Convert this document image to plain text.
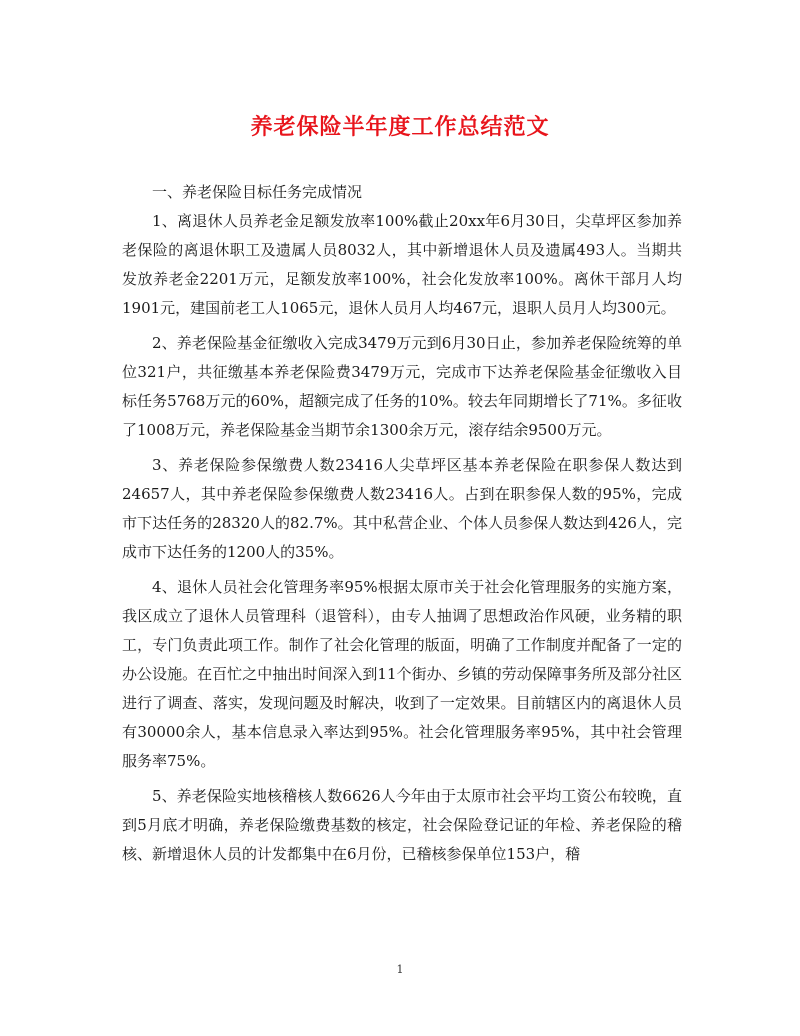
养老保险半年度工作总结范文

一、养老保险目标任务完成情况

1、离退休人员养老金足额发放率100%截止20xx年6月30日，尖草坪区参加养老保险的离退休职工及遗属人员8032人，其中新增退休人员及遗属493人。当期共发放养老金2201万元，足额发放率100%，社会化发放率100%。离休干部月人均1901元，建国前老工人1065元，退休人员月人均467元，退职人员月人均300元。

2、养老保险基金征缴收入完成3479万元到6月30日止，参加养老保险统筹的单位321户，共征缴基本养老保险费3479万元，完成市下达养老保险基金征缴收入目标任务5768万元的60%，超额完成了任务的10%。较去年同期增长了71%。多征收了1008万元，养老保险基金当期节余1300余万元，滚存结余9500万元。

3、养老保险参保缴费人数23416人尖草坪区基本养老保险在职参保人数达到24657人，其中养老保险参保缴费人数23416人。占到在职参保人数的95%，完成市下达任务的28320人的82.7%。其中私营企业、个体人员参保人数达到426人，完成市下达任务的1200人的35%。

4、退休人员社会化管理务率95%根据太原市关于社会化管理服务的实施方案，我区成立了退休人员管理科（退管科），由专人抽调了思想政治作风硬，业务精的职工，专门负责此项工作。制作了社会化管理的版面，明确了工作制度并配备了一定的办公设施。在百忙之中抽出时间深入到11个街办、乡镇的劳动保障事务所及部分社区进行了调查、落实，发现问题及时解决，收到了一定效果。目前辖区内的离退休人员有30000余人，基本信息录入率达到95%。社会化管理服务率95%，其中社会管理服务率75%。

5、养老保险实地核稽核人数6626人今年由于太原市社会平均工资公布较晚，直到5月底才明确，养老保险缴费基数的核定，社会保险登记证的年检、养老保险的稽核、新增退休人员的计发都集中在6月份，已稽核参保单位153户，稽

1
